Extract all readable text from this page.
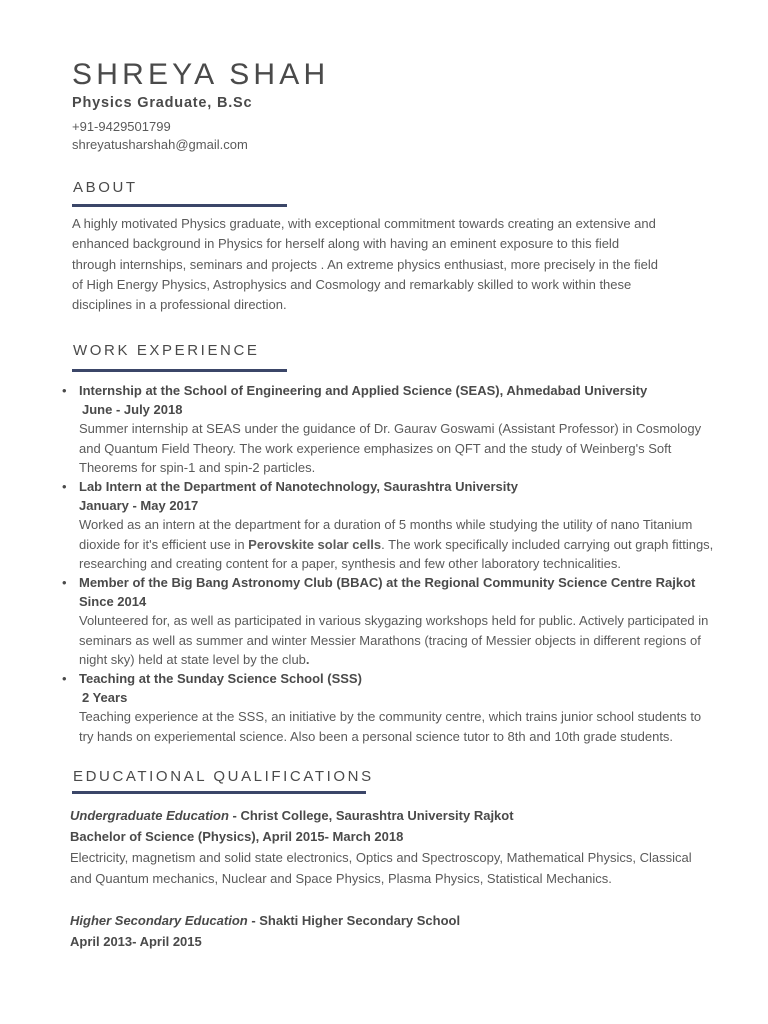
SHREYA SHAH
Physics Graduate, B.Sc
+91-9429501799
shreyatusharshah@gmail.com
ABOUT

A highly motivated Physics graduate, with exceptional commitment towards creating an extensive and

enhanced background in Physics for herself along with having an eminent exposure to this field

through internships, seminars and projects . An extreme physics enthusiast, more precisely in the field

of High Energy Physics, Astrophysics and Cosmology and remarkably skilled to work within these

disciplines in a professional direction.

WORK EXPERIENCE
• Internship at the School of Engineering and Applied Science (SEAS), Ahmedabad University
June - July 2018

Summer internship at SEAS under the guidance of Dr. Gaurav Goswami (Assistant Professor) in Cosmology

and Quantum Field Theory. The work experience emphasizes on QFT and the study of Weinberg's Soft

Theorems for spin-1 and spin-2 particles.

• Lab Intern at the Department of Nanotechnology, Saurashtra University
January - May 2017

Worked as an intern at the department for a duration of 5 months while studying the utility of nano Titanium

dioxide for it's efficient use in Perovskite solar cells. The work specifically included carrying out graph fittings,

researching and creating content for a paper, synthesis and few other laboratory technicalities.

• Member of the Big Bang Astronomy Club (BBAC) at the Regional Community Science Centre Rajkot
Since 2014

Volunteered for, as well as participated in various skygazing workshops held for public. Actively participated in

seminars as well as summer and winter Messier Marathons (tracing of Messier objects in different regions of

night sky) held at state level by the club.

• Teaching at the Sunday Science School (SSS)
2 Years

Teaching experience at the SSS, an initiative by the community centre, which trains junior school students to

try hands on experiemental science. Also been a personal science tutor to 8th and 10th grade students.

EDUCATIONAL QUALIFICATIONS

Undergraduate Education - Christ College, Saurashtra University Rajkot

Bachelor of Science (Physics), April 2015- March 2018

Electricity, magnetism and solid state electronics, Optics and Spectroscopy, Mathematical Physics, Classical

and Quantum mechanics, Nuclear and Space Physics, Plasma Physics, Statistical Mechanics.

Higher Secondary Education - Shakti Higher Secondary School

April 2013- April 2015
